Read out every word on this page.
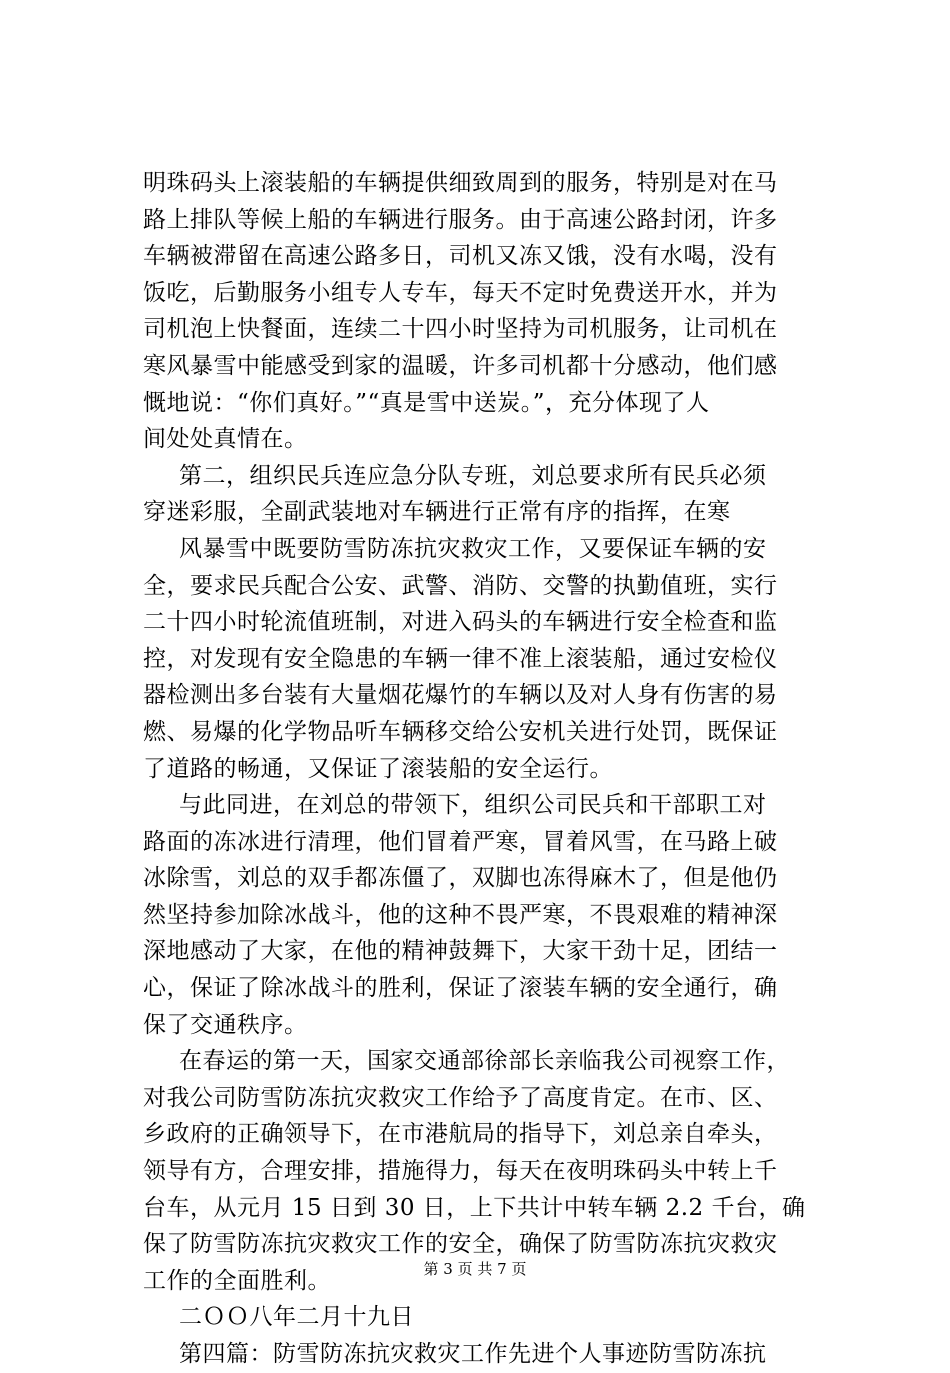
明珠码头上滚装船的车辆提供细致周到的服务，特别是对在马
路上排队等候上船的车辆进行服务。由于高速公路封闭，许多
车辆被滞留在高速公路多日，司机又冻又饿，没有水喝，没有
饭吃，后勤服务小组专人专车，每天不定时免费送开水，并为
司机泡上快餐面，连续二十四小时坚持为司机服务，让司机在
寒风暴雪中能感受到家的温暖，许多司机都十分感动，他们感
慨地说：“你们真好。”“真是雪中送炭。”，充分体现了人
间处处真情在。
第二，组织民兵连应急分队专班，刘总要求所有民兵必须
穿迷彩服，全副武装地对车辆进行正常有序的指挥，在寒
风暴雪中既要防雪防冻抗灾救灾工作，又要保证车辆的安
全，要求民兵配合公安、武警、消防、交警的执勤值班，实行
二十四小时轮流值班制，对进入码头的车辆进行安全检查和监
控，对发现有安全隐患的车辆一律不准上滚装船，通过安检仪
器检测出多台装有大量烟花爆竹的车辆以及对人身有伤害的易
燃、易爆的化学物品听车辆移交给公安机关进行处罚，既保证
了道路的畅通，又保证了滚装船的安全运行。
与此同进，在刘总的带领下，组织公司民兵和干部职工对
路面的冻冰进行清理，他们冒着严寒，冒着风雪，在马路上破
冰除雪，刘总的双手都冻僵了，双脚也冻得麻木了，但是他仍
然坚持参加除冰战斗，他的这种不畏严寒，不畏艰难的精神深
深地感动了大家，在他的精神鼓舞下，大家干劲十足，团结一
心，保证了除冰战斗的胜利，保证了滚装车辆的安全通行，确
保了交通秩序。
在春运的第一天，国家交通部徐部长亲临我公司视察工作，
对我公司防雪防冻抗灾救灾工作给予了高度肯定。在市、区、
乡政府的正确领导下，在市港航局的指导下，刘总亲自牵头，
领导有方，合理安排，措施得力，每天在夜明珠码头中转上千
台车，从元月 15 日到 30 日，上下共计中转车辆 2.2 千台，确
保了防雪防冻抗灾救灾工作的安全，确保了防雪防冻抗灾救灾
工作的全面胜利。
二ＯＯ八年二月十九日
第四篇：防雪防冻抗灾救灾工作先进个人事迹防雪防冻抗
第 3 页 共 7 页
